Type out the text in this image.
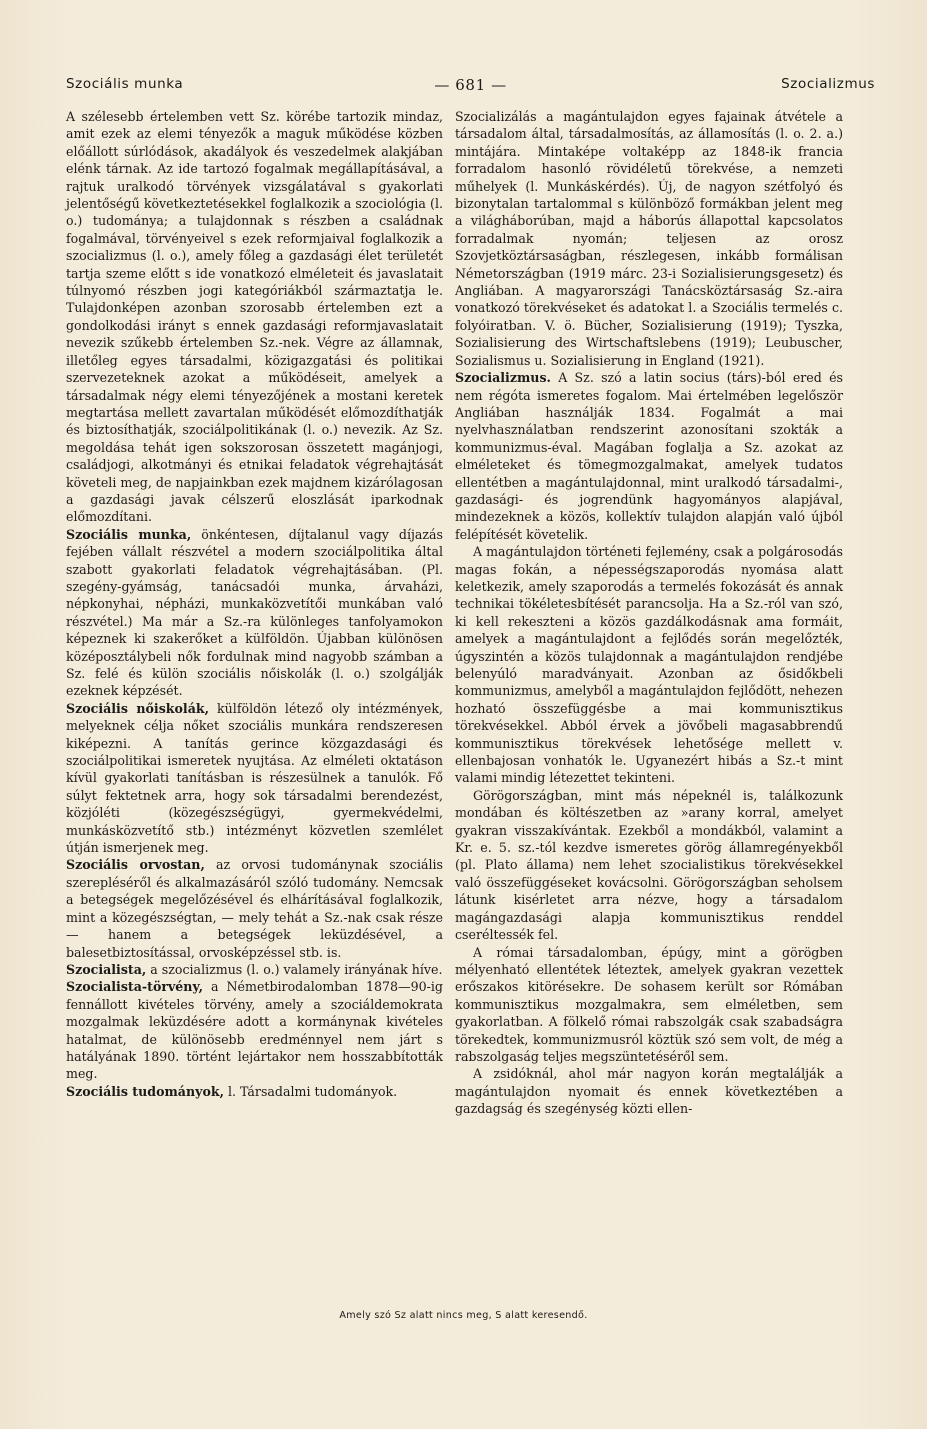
Szociális munka	— 681 —	Szocializmus

A szélesebb értelemben vett Sz. körébe tartozik mindaz, amit ezek az elemi tényezők a maguk működése közben előállott súrlódások, akadályok és veszedelmek alakjában elénk tárnak. Az ide tartozó fogalmak megállapításával, a rajtuk uralkodó törvények vizsgálatával s gyakorlati jelentőségű következtetésekkel foglalkozik a szociológia (l. o.) tudománya; a tulajdonnak s részben a családnak fogalmával, törvényeivel s ezek reformjaival foglalkozik a szocializmus (l. o.), amely főleg a gazdasági élet területét tartja szeme előtt s ide vonatkozó elméleteit és javaslatait túlnyomó részben jogi kategóriákból származtatja le. Tulajdonképen azonban szorosabb értelemben ezt a gondolkodási irányt s ennek gazdasági reformjavaslatait nevezik szűkebb értelemben Sz.-nek. Végre az államnak, illetőleg egyes társadalmi, közigazgatási és politikai szervezeteknek azokat a működéseit, amelyek a társadalmak négy elemi tényezőjének a mostani keretek megtartása mellett zavartalan működését előmozdíthatják és biztosíthatják, szociálpolitikának (l. o.) nevezik. Az Sz. megoldása tehát igen sokszorosan összetett magánjogi, családjogi, alkotmányi és etnikai feladatok végrehajtását követeli meg, de napjainkban ezek majdnem kizárólagosan a gazdasági javak célszerű eloszlását iparkodnak előmozdítani.

Szociális munka, önkéntesen, díjtalanul vagy díjazás fejében vállalt részvétel a modern szociálpolitika által szabott gyakorlati feladatok végrehajtásában. (Pl. szegény-gyámság, tanácsadói munka, árvaházi, népkonyhai, népházi, munkaközvetítői munkában való részvétel.) Ma már a Sz.-ra különleges tanfolyamokon képeznek ki szakerőket a külföldön. Újabban különösen középosztálybeli nők fordulnak mind nagyobb számban a Sz. felé és külön szociális nőiskolák (l. o.) szolgálják ezeknek képzését.

Szociális nőiskolák, külföldön létező oly intézmények, melyeknek célja nőket szociális munkára rendszeresen kiképezni. A tanítás gerince közgazdasági és szociálpolitikai ismeretek nyujtása. Az elméleti oktatáson kívül gyakorlati tanításban is részesülnek a tanulók. Fő súlyt fektetnek arra, hogy sok társadalmi berendezést, közjóléti (közegészségügyi, gyermekvédelmi, munkásközvetítő stb.) intézményt közvetlen szemlélet útján ismerjenek meg.

Szociális orvostan, az orvosi tudománynak szociális szerepléséről és alkalmazásáról szóló tudomány. Nemcsak a betegségek megelőzésével és elhárításával foglalkozik, mint a közegészségtan, — mely tehát a Sz.-nak csak része — hanem a betegségek leküzdésével, a balesetbiztosítással, orvosképzéssel stb. is.

Szocialista, a szocializmus (l. o.) valamely irányának híve.

Szocialista-törvény, a Németbirodalomban 1878—90-ig fennállott kivételes törvény, amely a szociáldemokrata mozgalmak leküzdésére adott a kormánynak kivételes hatalmat, de különösebb eredménnyel nem járt s hatályának 1890. történt lejártakor nem hosszabbították meg.

Szociális tudományok, l. Társadalmi tudományok.

Szocializálás a magántulajdon egyes fajainak átvétele a társadalom által, társadalmosítás, az államosítás (l. o. 2. a.) mintájára. Mintaképe voltaképp az 1848-ik francia forradalom hasonló rövidéletű törekvése, a nemzeti műhelyek (l. Munkáskérdés). Új, de nagyon szétfolyó és bizonytalan tartalommal s különböző formákban jelent meg a világháborúban, majd a háborús állapottal kapcsolatos forradalmak nyomán; teljesen az orosz Szovjetköztársaságban, részlegesen, inkább formálisan Németországban (1919 márc. 23-i Sozialisierungsgesetz) és Angliában. A magyarországi Tanácsköztársaság Sz.-aira vonatkozó törekvéseket és adatokat l. a Szociális termelés c. folyóiratban. V. ö. Bücher, Sozialisierung (1919); Tyszka, Sozialisierung des Wirtschaftslebens (1919); Leubuscher, Sozialismus u. Sozialisierung in England (1921).

Szocializmus. A Sz. szó a latin socius (társ)-ból ered és nem régóta ismeretes fogalom. Mai értelmében legelőször Angliában használják 1834. Fogalmát a mai nyelvhasználatban rendszerint azonosítani szokták a kommunizmus-éval. Magában foglalja a Sz. azokat az elméleteket és tömegmozgalmakat, amelyek tudatos ellentétben a magántulajdonnal, mint uralkodó társadalmi-, gazdasági- és jogrendünk hagyományos alapjával, mindezeknek a közös, kollektív tulajdon alapján való újból felépítését követelik.

A magántulajdon történeti fejlemény, csak a polgárosodás magas fokán, a népességszaporodás nyomása alatt keletkezik, amely szaporodás a termelés fokozását és annak technikai tökéletesbítését parancsolja. Ha a Sz.-ról van szó, ki kell rekeszteni a közös gazdálkodásnak ama formáit, amelyek a magántulajdont a fejlődés során megelőzték, úgyszintén a közös tulajdonnak a magántulajdon rendjébe belenyúló maradványait. Azonban az ősidőkbeli kommunizmus, amelyből a magántulajdon fejlődött, nehezen hozható összefüggésbe a mai kommunisztikus törekvésekkel. Abból érvek a jövőbeli magasabbrendű kommunisztikus törekvések lehetősége mellett v. ellenbajosan vonhatók le. Ugyanezért hibás a Sz.-t mint valami mindig létezettet tekinteni.

Görögországban, mint más népeknél is, találkozunk mondában és költészetben az »arany korral, amelyet gyakran visszakívántak. Ezekből a mondákból, valamint a Kr. e. 5. sz.-tól kezdve ismeretes görög államregényekből (pl. Plato állama) nem lehet szocialistikus törekvésekkel való összefüggéseket kovácsolni. Görögországban seholsem látunk kisérletet arra nézve, hogy a társadalom magángazdasági alapja kommunisztikus renddel cseréltessék fel.

A római társadalomban, épúgy, mint a görögben mélyenható ellentétek léteztek, amelyek gyakran vezettek erőszakos kitörésekre. De sohasem került sor Rómában kommunisztikus mozgalmakra, sem elméletben, sem gyakorlatban. A fölkelő római rabszolgák csak szabadságra törekedtek, kommunizmusról köztük szó sem volt, de még a rabszolgaság teljes megszüntetéséről sem.

A zsidóknál, ahol már nagyon korán megtalálják a magántulajdon nyomait és ennek következtében a gazdagság és szegénység közti ellen-

Amely szó Sz alatt nincs meg, S alatt keresendő.
